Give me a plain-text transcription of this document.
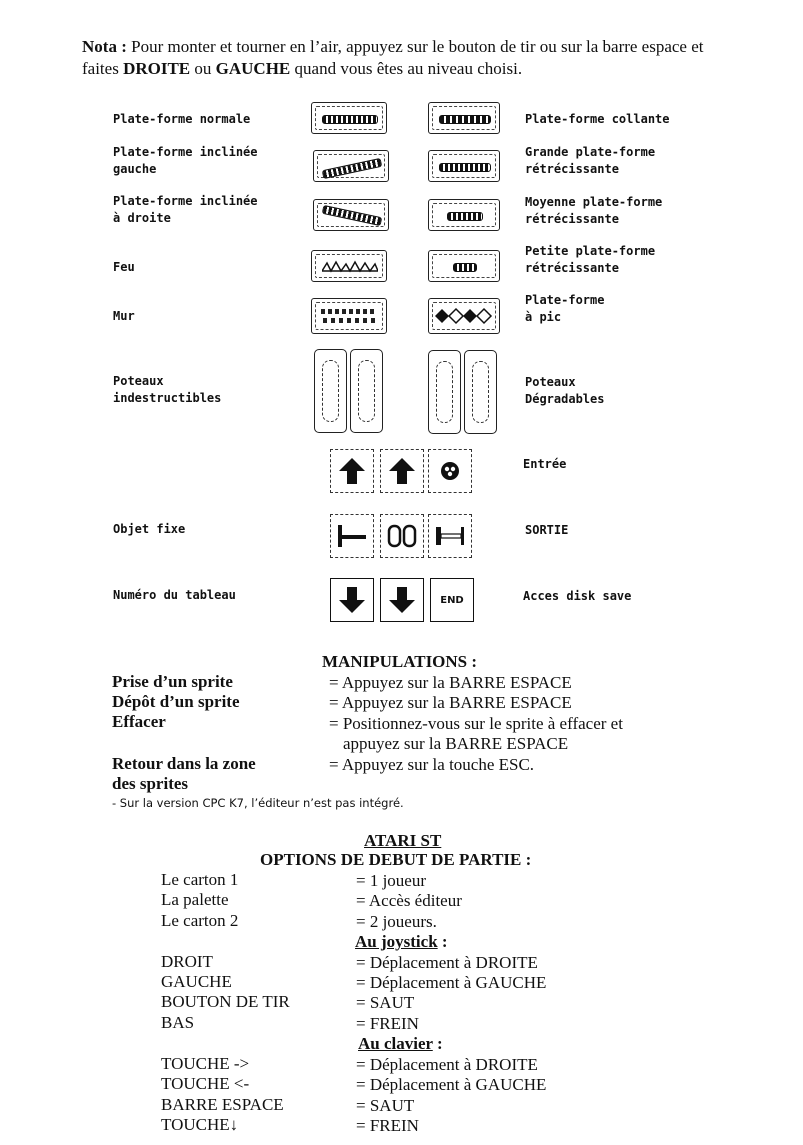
Nota : Pour monter et tourner en l’air, appuyez sur le bouton de tir ou sur la barre espace et faites DROITE ou GAUCHE quand vous êtes au niveau choisi.
Plate-forme normale
Plate-forme inclinée
gauche
Plate-forme inclinée
à droite
Feu
Mur
Poteaux
indestructibles
Objet fixe
Numéro du tableau
Plate-forme collante
Grande plate-forme
rétrécissante
Moyenne plate-forme
rétrécissante
Petite plate-forme
rétrécissante
Plate-forme
à pic
Poteaux
Dégradables
Entrée
SORTIE
Acces disk save
END
MANIPULATIONS :
Prise d’un sprite	= Appuyez sur la BARRE ESPACE
Dépôt d’un sprite	= Appuyez sur la BARRE ESPACE
Effacer	= Positionnez-vous sur le sprite à effacer et
appuyez sur la BARRE ESPACE
Retour dans la zone	= Appuyez sur la touche ESC.
des sprites
- Sur la version CPC K7, l’éditeur n’est pas intégré.
ATARI ST
OPTIONS DE DEBUT DE PARTIE :
Le carton 1	= 1 joueur
La palette	= Accès éditeur
Le carton 2	= 2 joueurs.
Au joystick :
DROIT	= Déplacement à DROITE
GAUCHE	= Déplacement à GAUCHE
BOUTON DE TIR	= SAUT
BAS	= FREIN
Au clavier :
TOUCHE ->	= Déplacement à DROITE
TOUCHE <-	= Déplacement à GAUCHE
BARRE ESPACE	= SAUT
TOUCHE↓	= FREIN
